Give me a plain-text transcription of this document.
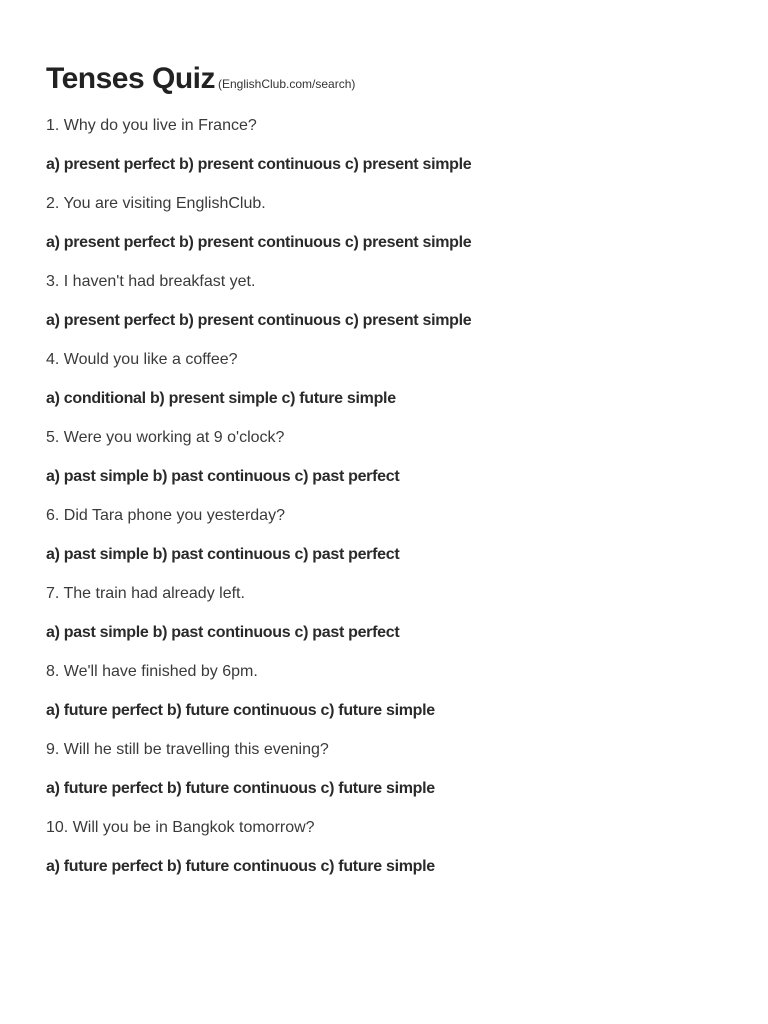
Tenses Quiz (EnglishClub.com/search)
1. Why do you live in France?
a) present perfect b) present continuous c) present simple
2. You are visiting EnglishClub.
a) present perfect b) present continuous c) present simple
3. I haven't had breakfast yet.
a) present perfect b) present continuous c) present simple
4. Would you like a coffee?
a) conditional b) present simple c) future simple
5. Were you working at 9 o'clock?
a) past simple b) past continuous c) past perfect
6. Did Tara phone you yesterday?
a) past simple b) past continuous c) past perfect
7. The train had already left.
a) past simple b) past continuous c) past perfect
8. We'll have finished by 6pm.
a) future perfect b) future continuous c) future simple
9. Will he still be travelling this evening?
a) future perfect b) future continuous c) future simple
10. Will you be in Bangkok tomorrow?
a) future perfect b) future continuous c) future simple
